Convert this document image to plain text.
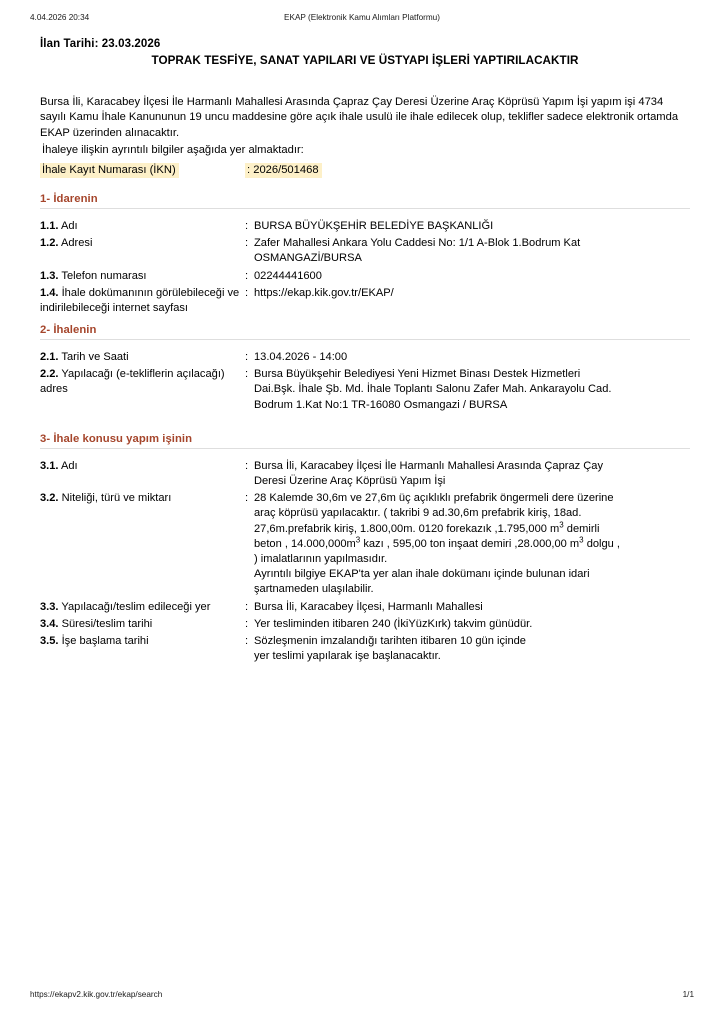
4.04.2026 20:34	EKAP (Elektronik Kamu Alımları Platformu)
İlan Tarihi: 23.03.2026
TOPRAK TESFİYE, SANAT YAPILARI VE ÜSTYAPI İŞLERİ YAPTIRILACAKTIR

Bursa İli, Karacabey İlçesi İle Harmanlı Mahallesi Arasında Çapraz Çay Deresi Üzerine Araç Köprüsü Yapım İşi yapım işi 4734 sayılı Kamu İhale Kanununun 19 uncu maddesine göre açık ihale usulü ile ihale edilecek olup, teklifler sadece elektronik ortamda EKAP üzerinden alınacaktır.

İhaleye ilişkin ayrıntılı bilgiler aşağıda yer almaktadır:

İhale Kayıt Numarası (İKN)	: 2026/501468
1- İdarenin
1.1. Adı	: BURSA BÜYÜKŞEHİR BELEDİYE BAŞKANLIĞI
1.2. Adresi	: Zafer Mahallesi Ankara Yolu Caddesi No: 1/1 A-Blok 1.Bodrum Kat
OSMANGAZİ/BURSA
1.3. Telefon numarası	: 02244441600
1.4. İhale dokümanının görülebileceği ve indirilebileceği internet sayfası
: https://ekap.kik.gov.tr/EKAP/
2- İhalenin
2.1. Tarih ve Saati	: 13.04.2026 - 14:00
2.2. Yapılacağı (e-tekliflerin açılacağı) adres
: Bursa Büyükşehir Belediyesi Yeni Hizmet Binası Destek Hizmetleri
Dai.Bşk. İhale Şb. Md. İhale Toplantı Salonu Zafer Mah. Ankarayolu Cad.
Bodrum 1.Kat No:1 TR-16080 Osmangazi / BURSA
3- İhale konusu yapım işinin
3.1. Adı	: Bursa İli, Karacabey İlçesi İle Harmanlı Mahallesi Arasında Çapraz Çay
Deresi Üzerine Araç Köprüsü Yapım İşi
3.2. Niteliği, türü ve miktarı	: 28 Kalemde 30,6m ve 27,6m üç açıklıklı prefabrik öngermeli dere üzerine
araç köprüsü yapılacaktır. ( takribi 9 ad.30,6m prefabrik kiriş, 18ad.
27,6m.prefabrik kiriş, 1.800,00m. 0120 forekazık ,1.795,000 $m^3$ demirli
beton , $14.000,000m^3$ kazı , 595,00 ton inşaat demiri ,28.000,00 $m^3$ dolgu ,
) imalatlarının yapılmasıdır.
Ayrıntılı bilgiye EKAP'ta yer alan ihale dokümanı içinde bulunan idari
şartnameden ulaşılabilir.
3.3. Yapılacağı/teslim edileceği yer	: Bursa İli, Karacabey İlçesi, Harmanlı Mahallesi
3.4. Süresi/teslim tarihi	: Yer tesliminden itibaren 240 (İkiYüzKırk) takvim günüdür.
3.5. İşe başlama tarihi	: Sözleşmenin imzalandığı tarihten itibaren 10 gün içinde
yer teslimi yapılarak işe başlanacaktır.
https://ekapv2.kik.gov.tr/ekap/search	1/1
